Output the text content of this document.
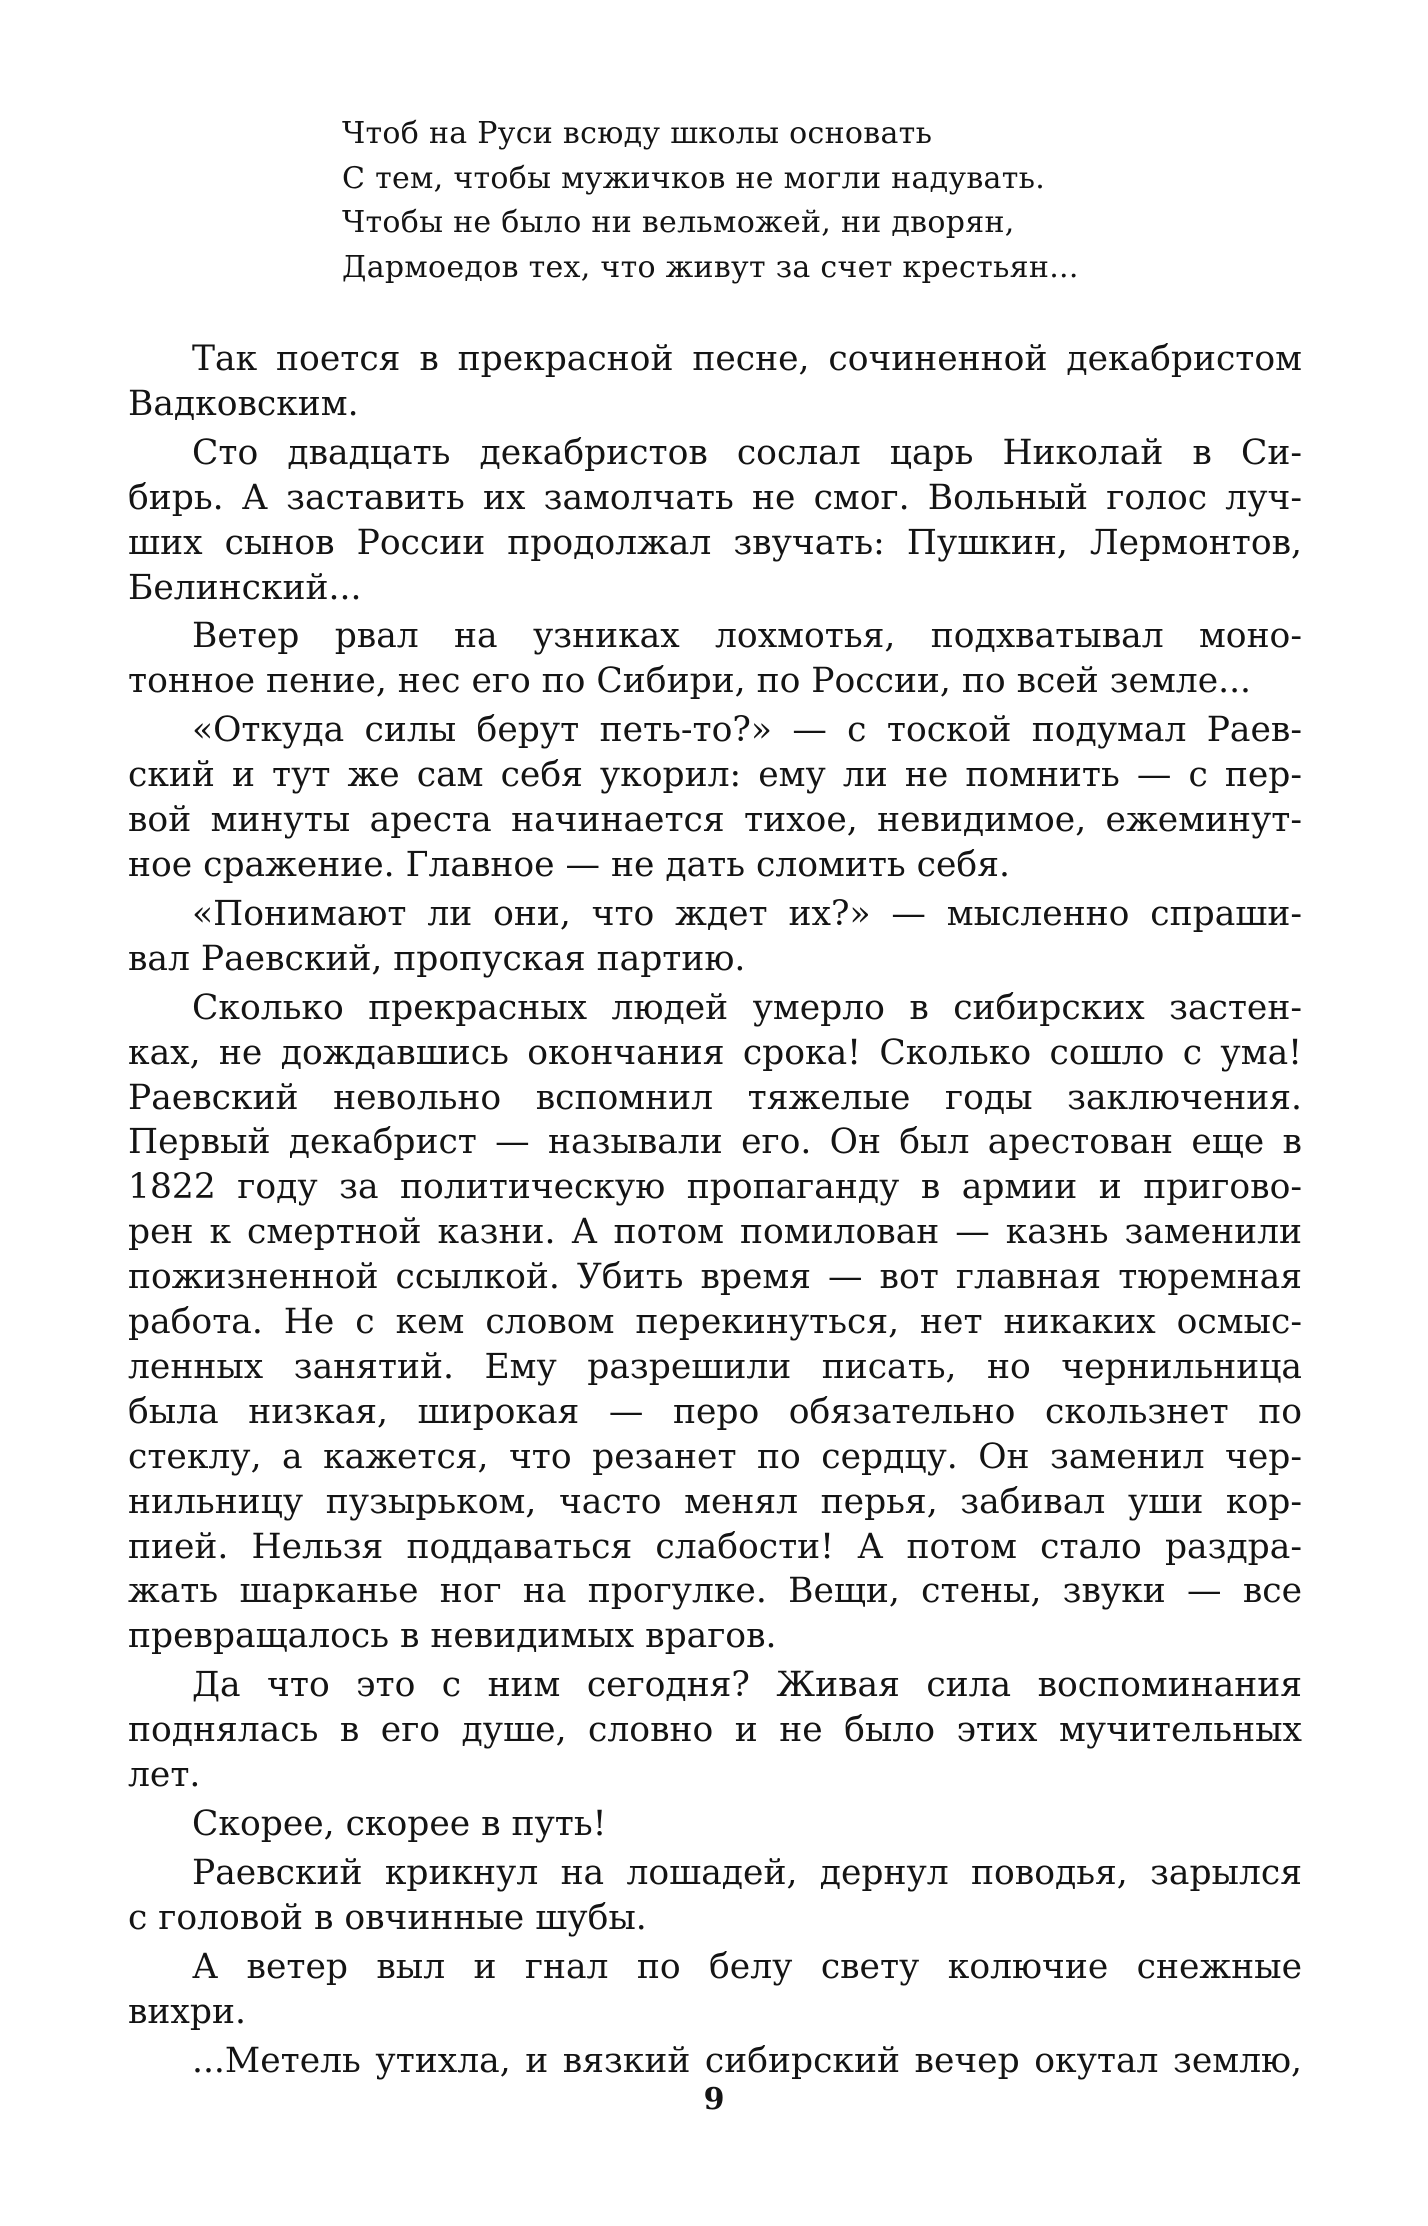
Чтоб на Руси всюду школы основать
С тем, чтобы мужичков не могли надувать.
Чтобы не было ни вельможей, ни дворян,
Дармоедов тех, что живут за счет крестьян...
Так поется в прекрасной песне, сочиненной декабристом
Вадковским.
Сто двадцать декабристов сослал царь Николай в Си-
бирь. А заставить их замолчать не смог. Вольный голос луч-
ших сынов России продолжал звучать: Пушкин, Лермонтов,
Белинский...
Ветер рвал на узниках лохмотья, подхватывал моно-
тонное пение, нес его по Сибири, по России, по всей земле...
«Откуда силы берут петь-то?» — с тоской подумал Раев-
ский и тут же сам себя укорил: ему ли не помнить — с пер-
вой минуты ареста начинается тихое, невидимое, ежеминут-
ное сражение. Главное — не дать сломить себя.
«Понимают ли они, что ждет их?» — мысленно спраши-
вал Раевский, пропуская партию.
Сколько прекрасных людей умерло в сибирских застен-
ках, не дождавшись окончания срока! Сколько сошло с ума!
Раевский невольно вспомнил тяжелые годы заключения.
Первый декабрист — называли его. Он был арестован еще в
1822 году за политическую пропаганду в армии и пригово-
рен к смертной казни. А потом помилован — казнь заменили
пожизненной ссылкой. Убить время — вот главная тюремная
работа. Не с кем словом перекинуться, нет никаких осмыс-
ленных занятий. Ему разрешили писать, но чернильница
была низкая, широкая — перо обязательно скользнет по
стеклу, а кажется, что резанет по сердцу. Он заменил чер-
нильницу пузырьком, часто менял перья, забивал уши кор-
пией. Нельзя поддаваться слабости! А потом стало раздра-
жать шарканье ног на прогулке. Вещи, стены, звуки — все
превращалось в невидимых врагов.
Да что это с ним сегодня? Живая сила воспоминания
поднялась в его душе, словно и не было этих мучительных
лет.
Скорее, скорее в путь!
Раевский крикнул на лошадей, дернул поводья, зарылся
с головой в овчинные шубы.
А ветер выл и гнал по белу свету колючие снежные
вихри.
...Метель утихла, и вязкий сибирский вечер окутал землю,
9
